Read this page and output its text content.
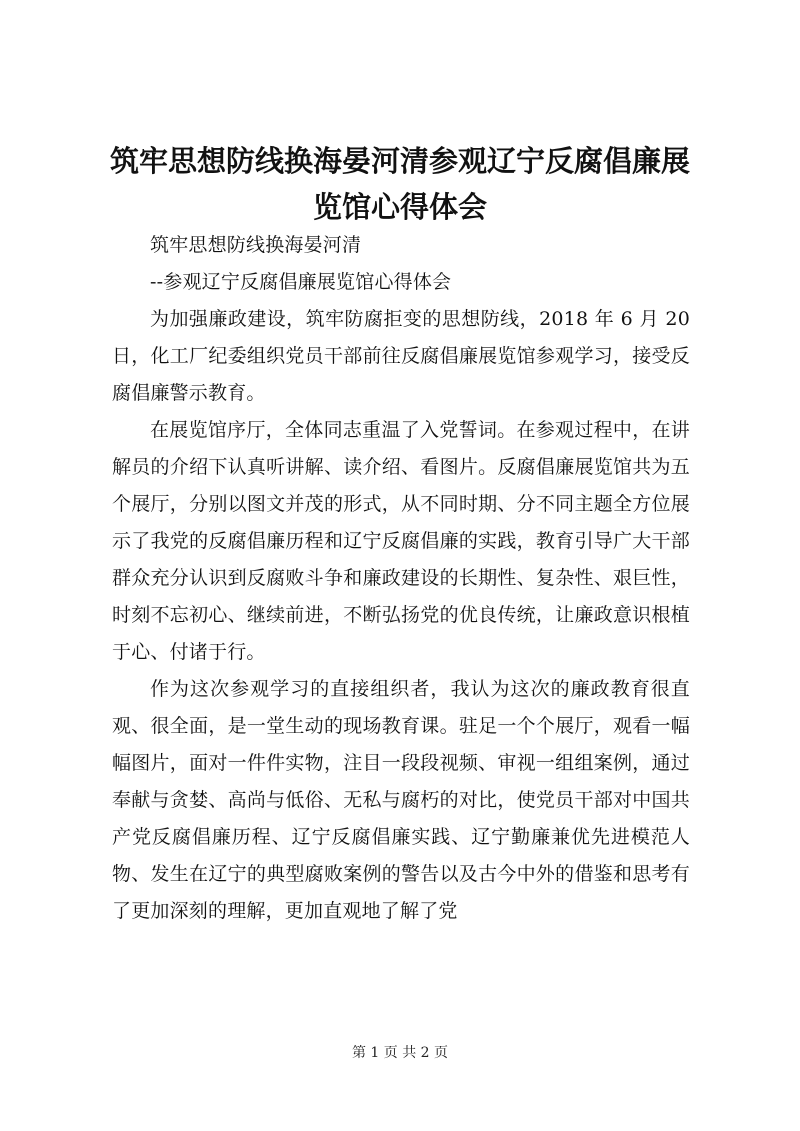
筑牢思想防线换海晏河清参观辽宁反腐倡廉展览馆心得体会

筑牢思想防线换海晏河清

--参观辽宁反腐倡廉展览馆心得体会

为加强廉政建设，筑牢防腐拒变的思想防线，2018 年 6 月 20 日，化工厂纪委组织党员干部前往反腐倡廉展览馆参观学习，接受反腐倡廉警示教育。

在展览馆序厅，全体同志重温了入党誓词。在参观过程中，在讲解员的介绍下认真听讲解、读介绍、看图片。反腐倡廉展览馆共为五个展厅，分别以图文并茂的形式，从不同时期、分不同主题全方位展示了我党的反腐倡廉历程和辽宁反腐倡廉的实践，教育引导广大干部群众充分认识到反腐败斗争和廉政建设的长期性、复杂性、艰巨性，时刻不忘初心、继续前进，不断弘扬党的优良传统，让廉政意识根植于心、付诸于行。

作为这次参观学习的直接组织者，我认为这次的廉政教育很直观、很全面，是一堂生动的现场教育课。驻足一个个展厅，观看一幅幅图片，面对一件件实物，注目一段段视频、审视一组组案例，通过奉献与贪婪、高尚与低俗、无私与腐朽的对比，使党员干部对中国共产党反腐倡廉历程、辽宁反腐倡廉实践、辽宁勤廉兼优先进模范人物、发生在辽宁的典型腐败案例的警告以及古今中外的借鉴和思考有了更加深刻的理解，更加直观地了解了党

第 1 页 共 2 页
